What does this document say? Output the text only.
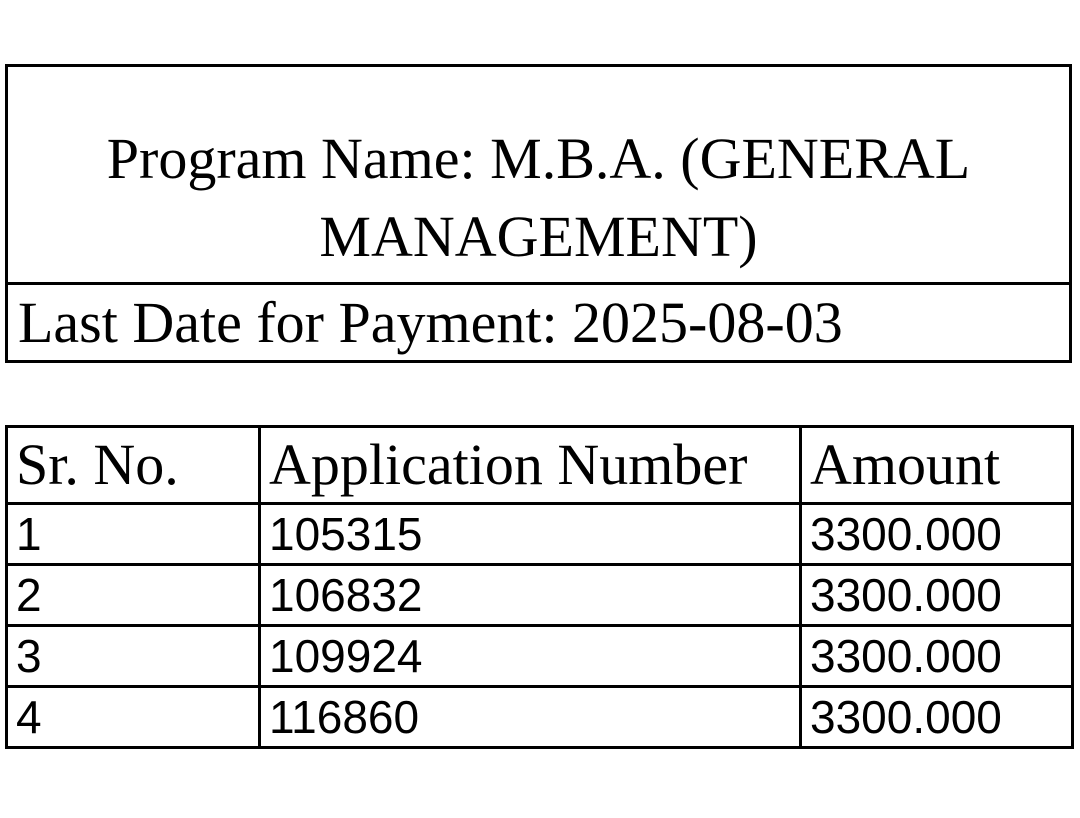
Program Name: M.B.A. (GENERAL MANAGEMENT)

Last Date for Payment: 2025-08-03
Sr. No.	Application Number	Amount
1	105315	3300.000
2	106832	3300.000
3	109924	3300.000
4	116860	3300.000
